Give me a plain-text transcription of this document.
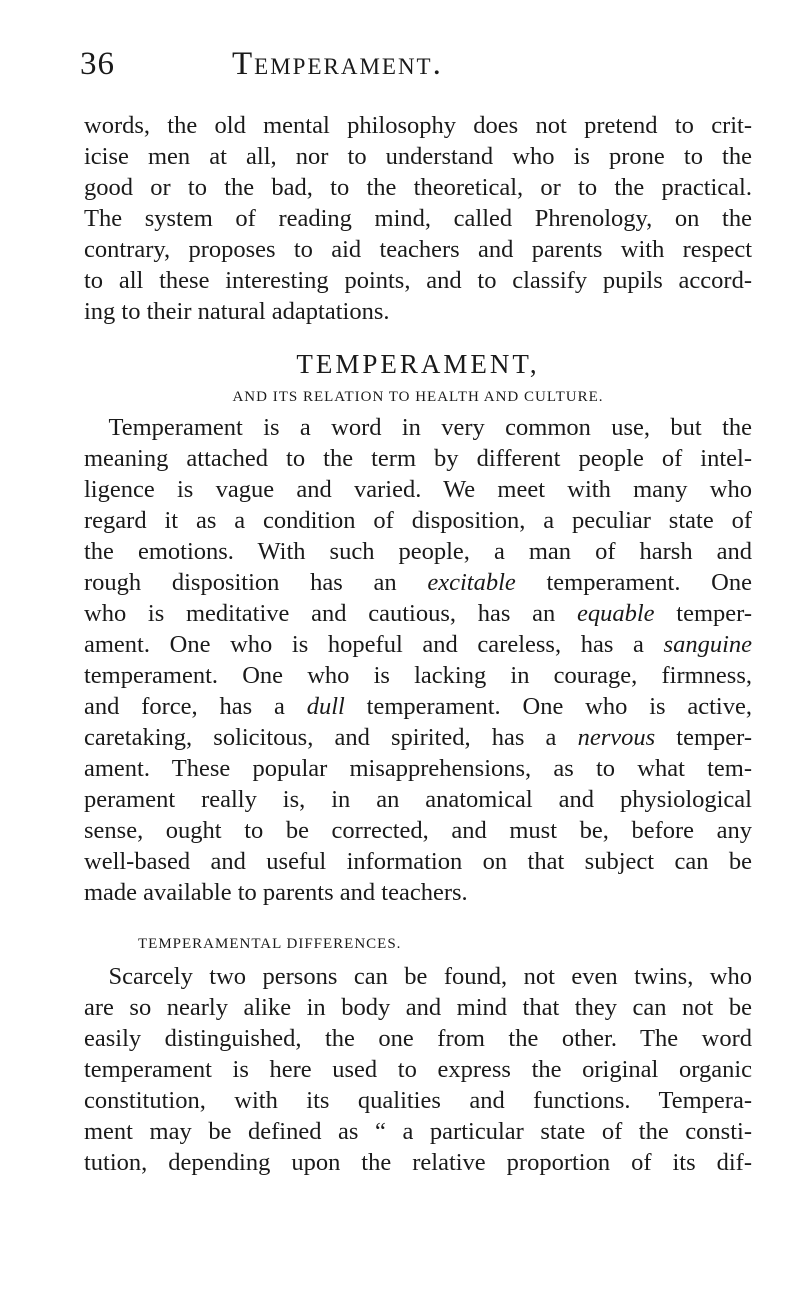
36	Temperament.

words, the old mental philosophy does not pretend to crit-
icise men at all, nor to understand who is prone to the
good or to the bad, to the theoretical, or to the practical.
The system of reading mind, called Phrenology, on the
contrary, proposes to aid teachers and parents with respect
to all these interesting points, and to classify pupils accord-
ing to their natural adaptations.

TEMPERAMENT,
AND ITS RELATION TO HEALTH AND CULTURE.

 Temperament is a word in very common use, but the
meaning attached to the term by different people of intel-
ligence is vague and varied. We meet with many who
regard it as a condition of disposition, a peculiar state of
the emotions. With such people, a man of harsh and
rough disposition has an excitable temperament. One
who is meditative and cautious, has an equable temper-
ament. One who is hopeful and careless, has a sanguine
temperament. One who is lacking in courage, firmness,
and force, has a dull temperament. One who is active,
caretaking, solicitous, and spirited, has a nervous temper-
ament. These popular misapprehensions, as to what tem-
perament really is, in an anatomical and physiological
sense, ought to be corrected, and must be, before any
well-based and useful information on that subject can be
made available to parents and teachers.

TEMPERAMENTAL DIFFERENCES.

 Scarcely two persons can be found, not even twins, who
are so nearly alike in body and mind that they can not be
easily distinguished, the one from the other. The word
temperament is here used to express the original organic
constitution, with its qualities and functions. Tempera-
ment may be defined as “ a particular state of the consti-
tution, depending upon the relative proportion of its dif-
